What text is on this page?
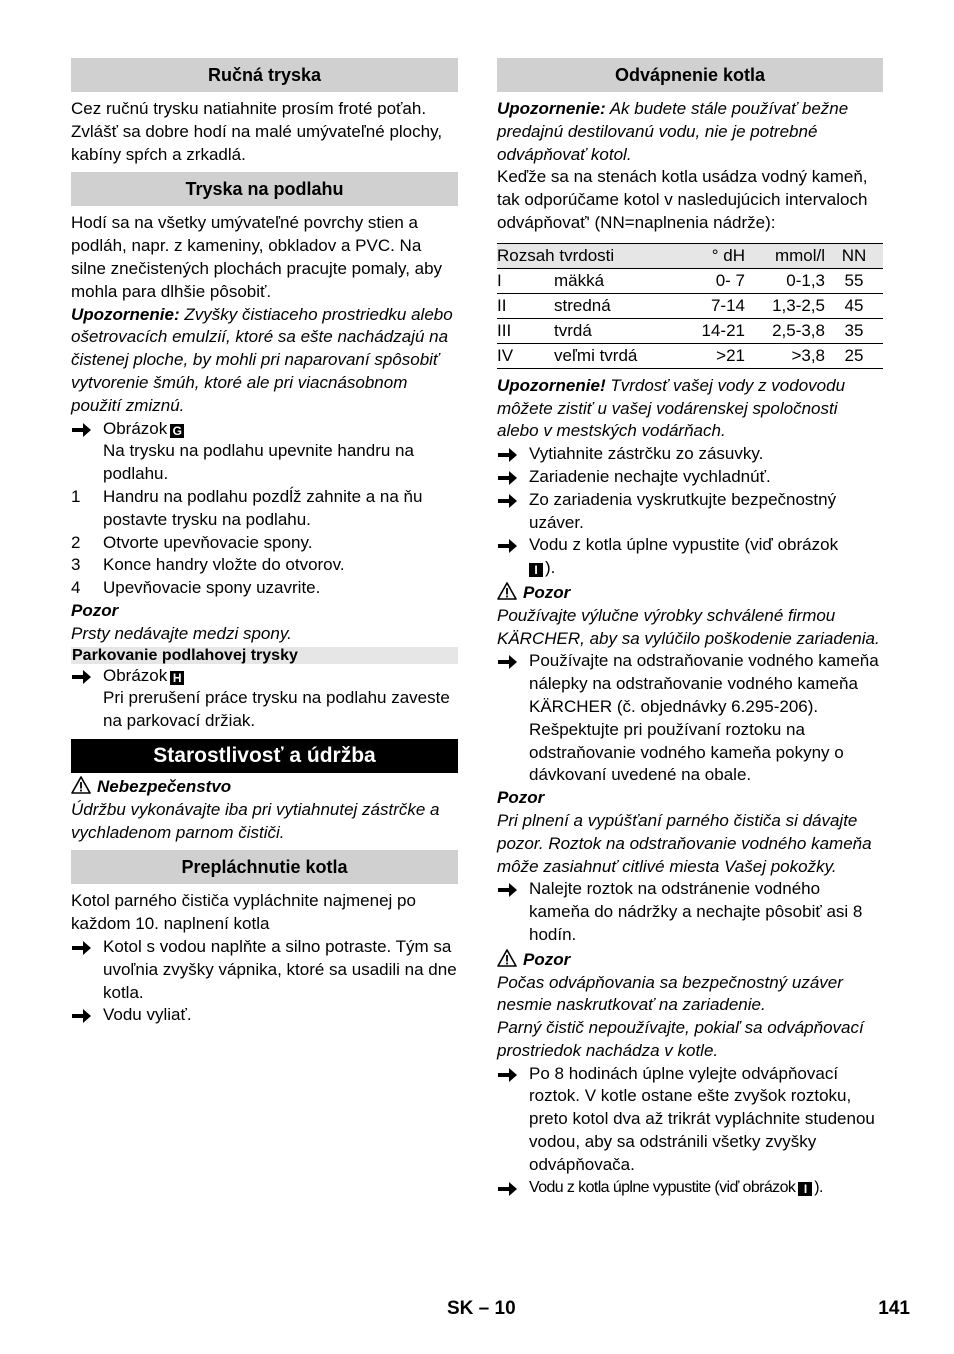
Ručná tryska
Cez ručnú trysku natiahnite prosím froté poťah. Zvlášť sa dobre hodí na malé umývateľné plochy, kabíny spŕch a zrkadlá.
Tryska na podlahu
Hodí sa na všetky umývateľné povrchy stien a podláh, napr. z kameniny, obkladov a PVC. Na silne znečistených plochách pracujte pomaly, aby mohla para dlhšie pôsobiť.
Upozornenie: Zvyšky čistiaceho prostriedku alebo ošetrovacích emulzií, ktoré sa ešte nachádzajú na čistenej ploche, by mohli pri naparovaní spôsobiť vytvorenie šmúh, ktoré ale pri viacnásobnom použití zmiznú.
Obrázok G
Na trysku na podlahu upevnite handru na podlahu.
1	Handru na podlahu pozdĺž zahnite a na ňu postavte trysku na podlahu.
2	Otvorte upevňovacie spony.
3	Konce handry vložte do otvorov.
4	Upevňovacie spony uzavrite.
Pozor
Prsty nedávajte medzi spony.
Parkovanie podlahovej trysky
Obrázok H
Pri prerušení práce trysku na podlahu zaveste na parkovací držiak.
Starostlivosť a údržba
Nebezpečenstvo
Údržbu vykonávajte iba pri vytiahnutej zástrčke a vychladenom parnom čističi.
Prepláchnutie kotla
Kotol parného čističa vypláchnite najmenej po každom 10. naplnení kotla
Kotol s vodou naplňte a silno potraste. Tým sa uvoľnia zvyšky vápnika, ktoré sa usadili na dne kotla.
Vodu vyliať.
Odvápnenie kotla
Upozornenie: Ak budete stále používať bežne predajnú destilovanú vodu, nie je potrebné odvápňovať kotol.
Keďže sa na stenách kotla usádza vodný kameň, tak odporúčame kotol v nasledujúcich intervaloch odvápňovať' (NN=naplnenia nádrže):
Rozsah tvrdosti		° dH	mmol/l	NN
I	mäkká	0- 7	0-1,3	55
II	stredná	7-14	1,3-2,5	45
III	tvrdá	14-21	2,5-3,8	35
IV	veľmi tvrdá	>21	>3,8	25
Upozornenie! Tvrdosť vašej vody z vodovodu môžete zistiť u vašej vodárenskej spoločnosti alebo v mestských vodárňach.
Vytiahnite zástrčku zo zásuvky.
Zariadenie nechajte vychladnúť.
Zo zariadenia vyskrutkujte bezpečnostný uzáver.
Vodu z kotla úplne vypustite (viď obrázok
I ).
Pozor
Používajte výlučne výrobky schválené firmou KÄRCHER, aby sa vylúčilo poškodenie zariadenia.
Používajte na odstraňovanie vodného kameňa nálepky na odstraňovanie vodného kameňa KÄRCHER (č. objednávky 6.295-206). Rešpektujte pri používaní roztoku na odstraňovanie vodného kameňa pokyny o dávkovaní uvedené na obale.
Pozor
Pri plnení a vypúšťaní parného čističa si dávajte pozor. Roztok na odstraňovanie vodného kameňa môže zasiahnuť citlivé miesta Vašej pokožky.
Nalejte roztok na odstránenie vodného kameňa do nádržky a nechajte pôsobiť asi 8 hodín.
Pozor
Počas odvápňovania sa bezpečnostný uzáver nesmie naskrutkovať na zariadenie.
Parný čistič nepoužívajte, pokiaľ sa odvápňovací prostriedok nachádza v kotle.
Po 8 hodinách úplne vylejte odvápňovací roztok. V kotle ostane ešte zvyšok roztoku, preto kotol dva až trikrát vypláchnite studenou vodou, aby sa odstránili všetky zvyšky odvápňovača.
Vodu z kotla úplne vypustite (viď obrázok I ).
SK – 10	141
